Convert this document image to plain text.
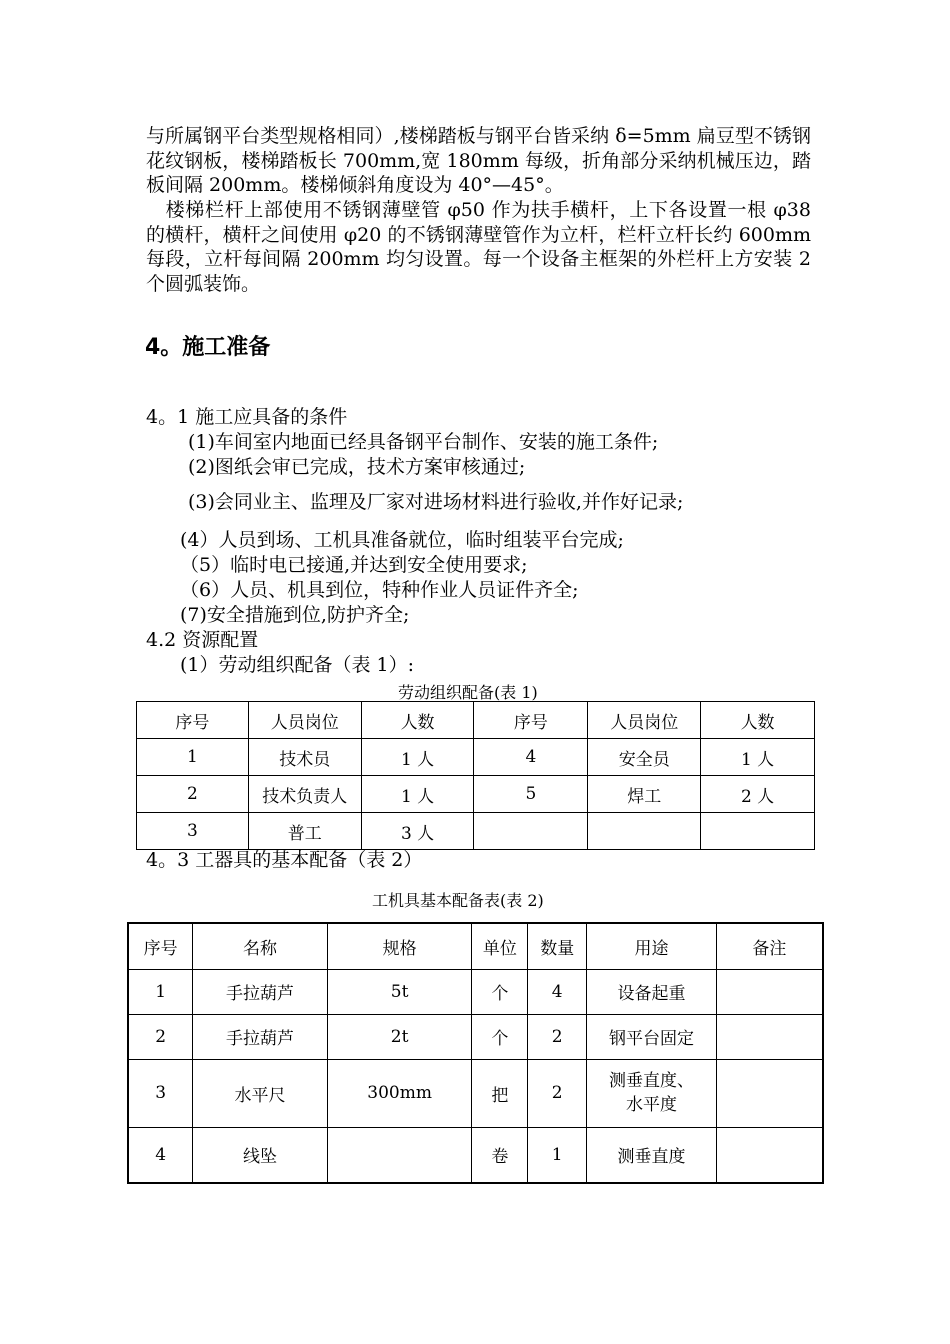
与所属钢平台类型规格相同）,楼梯踏板与钢平台皆采纳 δ=5mm 扁豆型不锈钢花纹钢板，楼梯踏板长 700mm,宽 180mm 每级，折角部分采纳机械压边，踏板间隔 200mm。楼梯倾斜角度设为 40°—45°。

楼梯栏杆上部使用不锈钢薄壁管 φ50 作为扶手横杆，上下各设置一根 φ38 的横杆，横杆之间使用 φ20 的不锈钢薄壁管作为立杆，栏杆立杆长约 600mm 每段，立杆每间隔 200mm 均匀设置。每一个设备主框架的外栏杆上方安装 2 个圆弧装饰。

4。施工准备

4。1 施工应具备的条件

(1)车间室内地面已经具备钢平台制作、安装的施工条件;

(2)图纸会审已完成，技术方案审核通过;

(3)会同业主、监理及厂家对进场材料进行验收,并作好记录;

(4）人员到场、工机具准备就位，临时组装平台完成;

（5）临时电已接通,并达到安全使用要求;

（6）人员、机具到位，特种作业人员证件齐全;

(7)安全措施到位,防护齐全;

4.2 资源配置

(1）劳动组织配备（表 1）:

劳动组织配备(表 1)

序号	人员岗位	人数	序号	人员岗位	人数
1	技术员	1 人	4	安全员	1 人
2	技术负责人	1 人	5	焊工	2 人
3	普工	3 人			

4。3 工器具的基本配备（表 2）

工机具基本配备表(表 2)

序号	名称	规格	单位	数量	用途	备注
1	手拉葫芦	5t	个	4	设备起重	
2	手拉葫芦	2t	个	2	钢平台固定	
3	水平尺	300mm	把	2	测垂直度、水平度	
4	线坠		卷	1	测垂直度	
